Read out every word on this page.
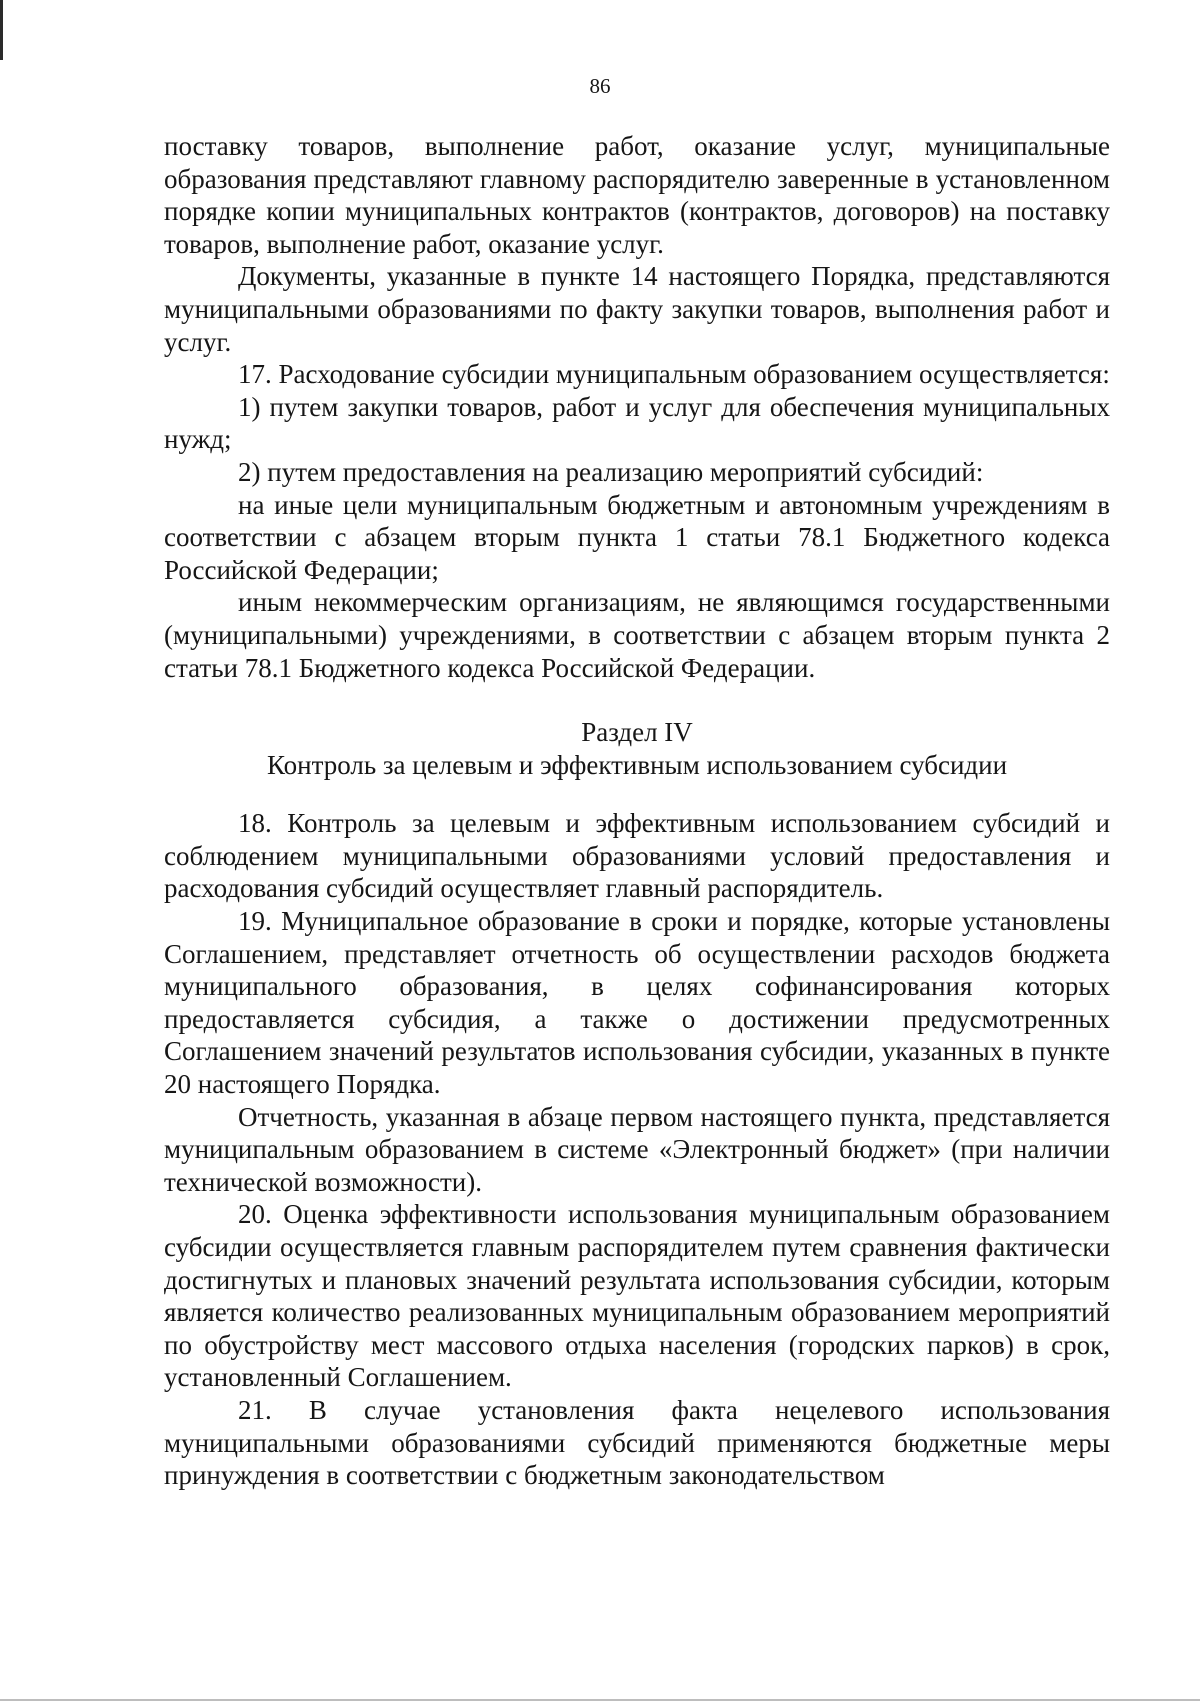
86

поставку товаров, выполнение работ, оказание услуг, муниципальные образования представляют главному распорядителю заверенные в установленном порядке копии муниципальных контрактов (контрактов, договоров) на поставку товаров, выполнение работ, оказание услуг.

Документы, указанные в пункте 14 настоящего Порядка, представляются муниципальными образованиями по факту закупки товаров, выполнения работ и услуг.

17. Расходование субсидии муниципальным образованием осуществляется:

1) путем закупки товаров, работ и услуг для обеспечения муниципальных нужд;

2) путем предоставления на реализацию мероприятий субсидий:

на иные цели муниципальным бюджетным и автономным учреждениям в соответствии с абзацем вторым пункта 1 статьи 78.1 Бюджетного кодекса Российской Федерации;

иным некоммерческим организациям, не являющимся государственными (муниципальными) учреждениями, в соответствии с абзацем вторым пункта 2 статьи 78.1 Бюджетного кодекса Российской Федерации.

Раздел IV

Контроль за целевым и эффективным использованием субсидии

18. Контроль за целевым и эффективным использованием субсидий и соблюдением муниципальными образованиями условий предоставления и расходования субсидий осуществляет главный распорядитель.

19. Муниципальное образование в сроки и порядке, которые установлены Соглашением, представляет отчетность об осуществлении расходов бюджета муниципального образования, в целях софинансирования которых предоставляется субсидия, а также о достижении предусмотренных Соглашением значений результатов использования субсидии, указанных в пункте 20 настоящего Порядка.

Отчетность, указанная в абзаце первом настоящего пункта, представляется муниципальным образованием в системе «Электронный бюджет» (при наличии технической возможности).

20. Оценка эффективности использования муниципальным образованием субсидии осуществляется главным распорядителем путем сравнения фактически достигнутых и плановых значений результата использования субсидии, которым является количество реализованных муниципальным образованием мероприятий по обустройству мест массового отдыха населения (городских парков) в срок, установленный Соглашением.

21. В случае установления факта нецелевого использования муниципальными образованиями субсидий применяются бюджетные меры принуждения в соответствии с бюджетным законодательством
